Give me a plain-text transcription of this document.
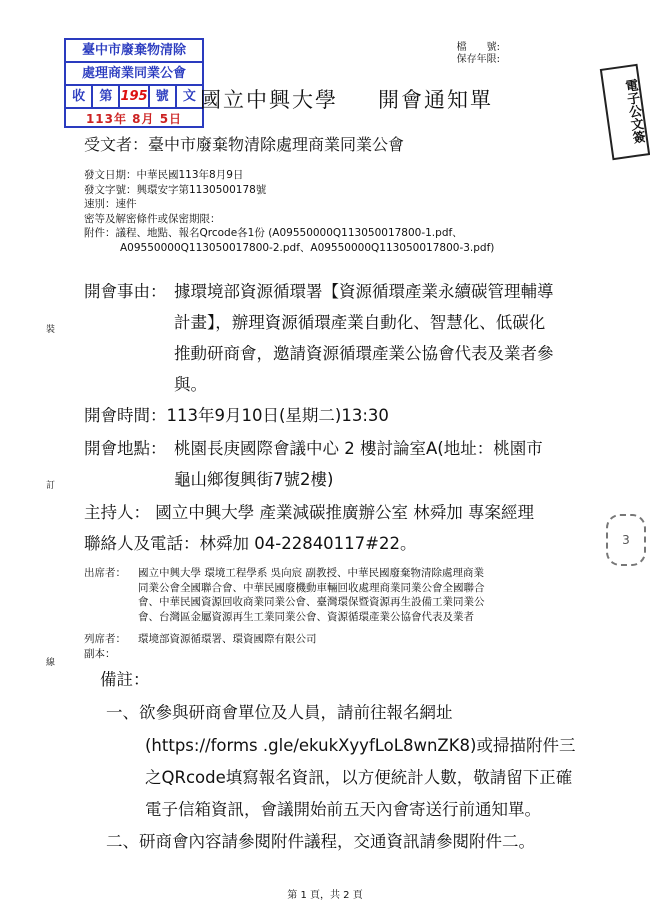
臺中市廢棄物清除
處理商業同業公會
收	第 195 號	文
113年 8月 5日	電子公文簽
3
檔　　號:
保存年限:
國立中興大學 開會通知單
受文者：臺中市廢棄物清除處理商業同業公會
發文日期：中華民國113年8月9日
發文字號：興環安字第1130500178號
速別：速件
密等及解密條件或保密期限：
附件：議程、地點、報名Qrcode各1份 (A09550000Q113050017800-1.pdf、
A09550000Q113050017800-2.pdf、A09550000Q113050017800-3.pdf)
開會事由： 據環境部資源循環署【資源循環產業永續碳管理輔導
計畫】，辦理資源循環產業自動化、智慧化、低碳化
推動研商會，邀請資源循環產業公協會代表及業者參
與。
開會時間：113年9月10日(星期二)13:30
開會地點： 桃園長庚國際會議中心 2 樓討論室A(地址：桃園市
龜山鄉復興街7號2樓)
主持人： 國立中興大學 產業減碳推廣辦公室 林舜加 專案經理
聯絡人及電話：林舜加 04-22840117#22。
出席者： 國立中興大學 環境工程學系 吳向宸 副教授、中華民國廢棄物清除處理商業
同業公會全國聯合會、中華民國廢機動車輛回收處理商業同業公會全國聯合
會、中華民國資源回收商業同業公會、臺灣環保暨資源再生設備工業同業公
會、台灣區金屬資源再生工業同業公會、資源循環產業公協會代表及業者
列席者： 環境部資源循環署、環資國際有限公司
副本：
備註：
一、欲參與研商會單位及人員，請前往報名網址
(https://forms .gle/ekukXyyfLoL8wnZK8)或掃描附件三
之QRcode填寫報名資訊，以方便統計人數，敬請留下正確
電子信箱資訊，會議開始前五天內會寄送行前通知單。
二、研商會內容請參閱附件議程，交通資訊請參閱附件二。
裝
訂
線
第 1 頁，共 2 頁
